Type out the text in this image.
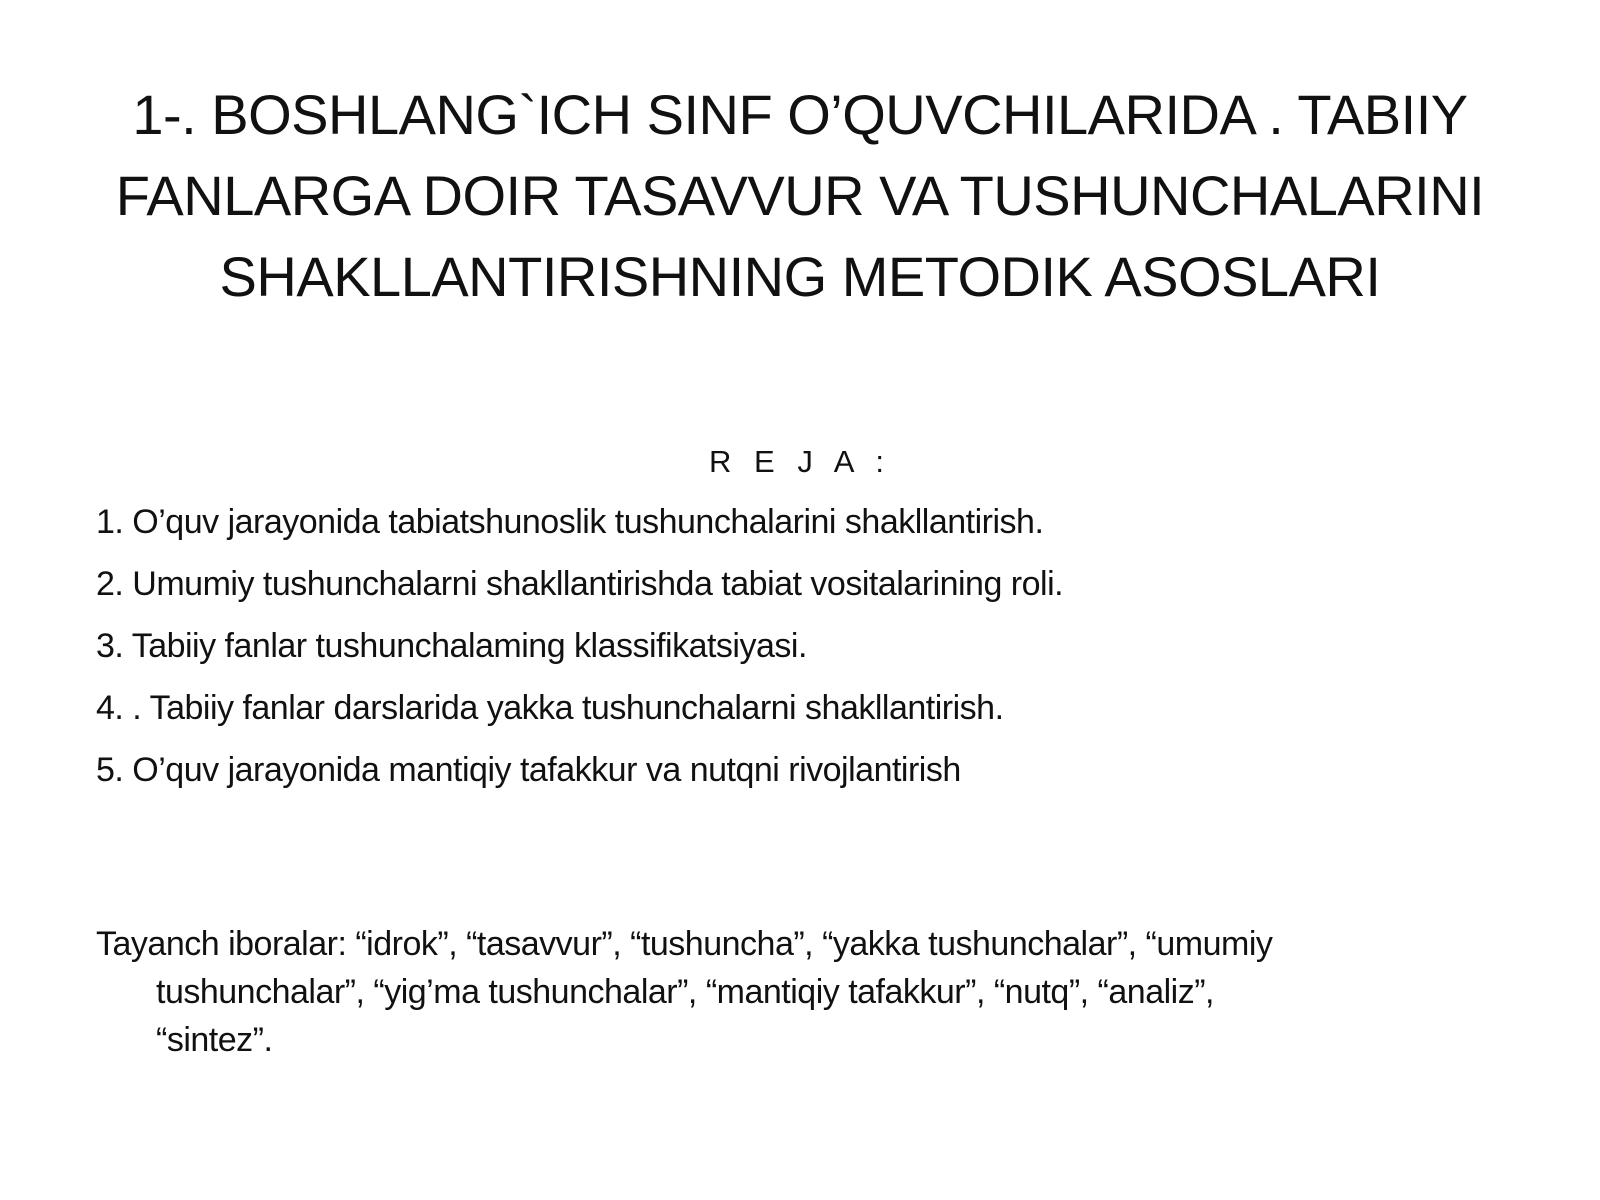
1-. BOSHLANG`ICH SINF O’QUVCHILARIDA . TABIIY
FANLARGA DOIR TASAVVUR VA TUSHUNCHALARINI
SHAKLLANTIRISHNING METODIK ASOSLARI
R E J A :
1. O’quv jarayonida tabiatshunoslik tushunchalarini shakllantirish.
2. Umumiy tushunchalarni shakllantirishda tabiat vositalarining roli.
3. Tabiiy fanlar tushunchalaming klassifikatsiyasi.
4. . Tabiiy fanlar darslarida yakka tushunchalarni shakllantirish.
5. O’quv jarayonida mantiqiy tafakkur va nutqni rivojlantirish

Tayanch iboralar: “idrok”, “tasavvur”, “tushuncha”, “yakka tushunchalar”, “umumiy
tushunchalar”, “yig’ma tushunchalar”, “mantiqiy tafakkur”, “nutq”, “analiz”,
“sintez”.
